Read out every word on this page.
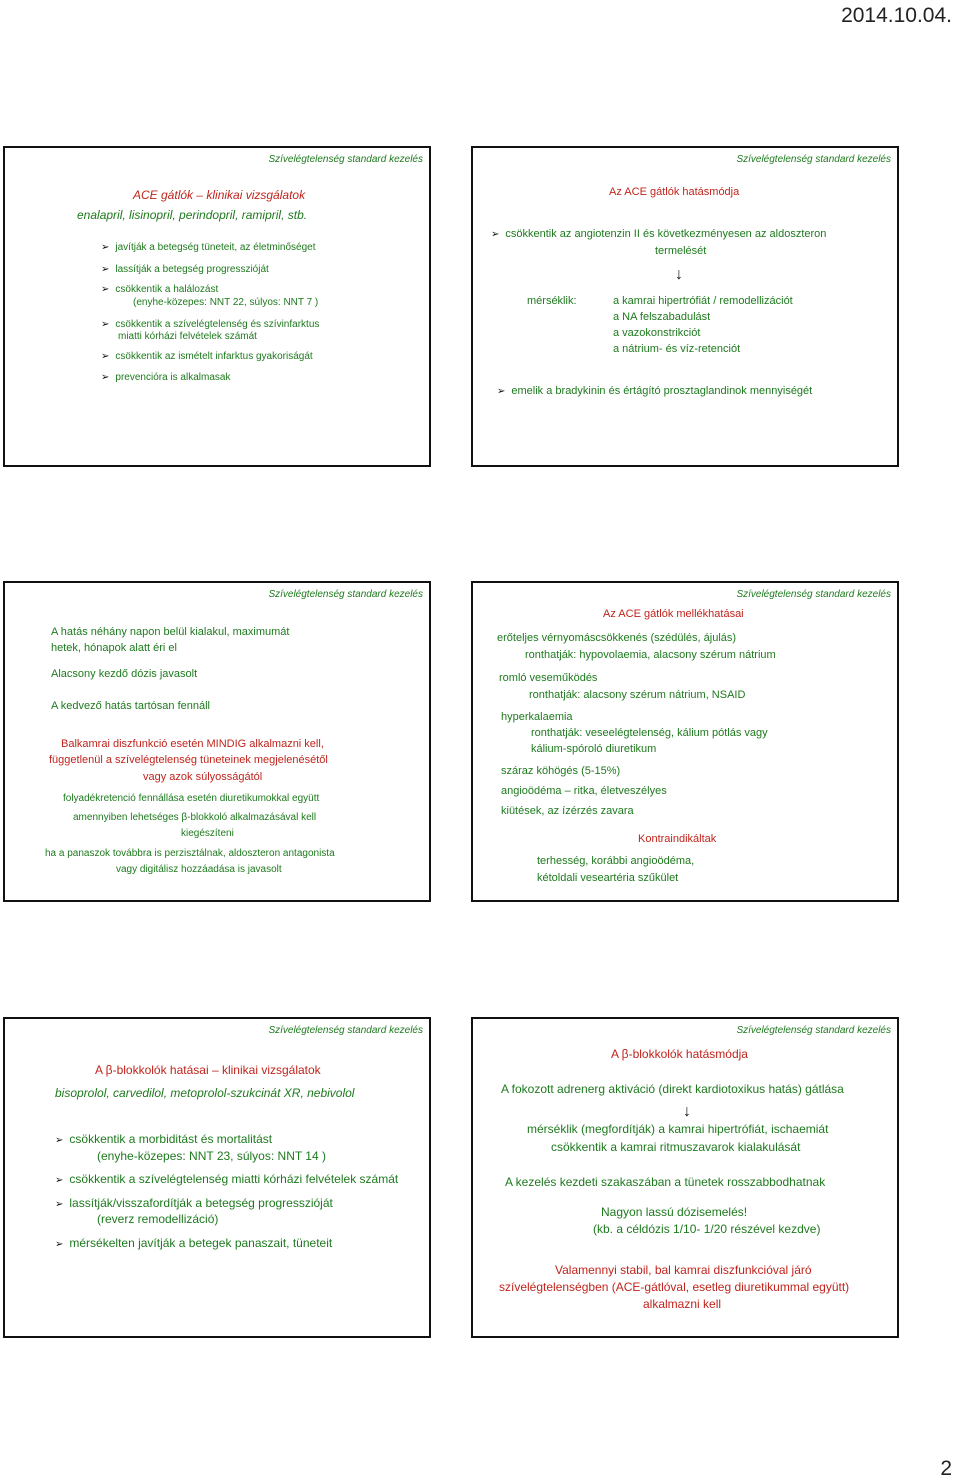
2014.10.04.
Szívelégtelenség standard kezelés
ACE gátlók – klinikai vizsgálatok
enalapril, lisinopril, perindopril, ramipril, stb.
➢ javítják a betegség tüneteit, az életminőséget
➢ lassítják a betegség progresszióját
➢ csökkentik a halálozást
(enyhe-közepes: NNT 22, súlyos: NNT 7 )
➢ csökkentik a szívelégtelenség és szívinfarktus
miatti kórházi felvételek számát
➢ csökkentik az ismételt infarktus gyakoriságát
➢ prevencióra is alkalmasak
Szívelégtelenség standard kezelés
Az ACE gátlók hatásmódja
➢ csökkentik az angiotenzin II és következményesen az aldoszteron
termelését
↓
mérséklik:	a kamrai hipertrófiát / remodellizációt
a NA felszabadulást
a vazokonstrikciót
a nátrium- és víz-retenciót
➢ emelik a bradykinin és értágító prosztaglandinok mennyiségét
Szívelégtelenség standard kezelés
A hatás néhány napon belül kialakul, maximumát
hetek, hónapok alatt éri el
Alacsony kezdő dózis javasolt
A kedvező hatás tartósan fennáll
Balkamrai diszfunkció esetén MINDIG alkalmazni kell,
függetlenül a szívelégtelenség tüneteinek megjelenésétől
vagy azok súlyosságától
folyadékretenció fennállása esetén diuretikumokkal együtt
amennyiben lehetséges β-blokkoló alkalmazásával kell
kiegészíteni
ha a panaszok továbbra is perzisztálnak, aldoszteron antagonista
vagy digitálisz hozzáadása is javasolt
Szívelégtelenség standard kezelés
Az ACE gátlók mellékhatásai
erőteljes vérnyomáscsökkenés (szédülés, ájulás)
ronthatják: hypovolaemia, alacsony szérum nátrium
romló veseműködés
ronthatják: alacsony szérum nátrium, NSAID
hyperkalaemia
ronthatják: veseelégtelenség, kálium pótlás vagy
kálium-spóroló diuretikum
száraz köhögés (5-15%)
angioödéma – ritka, életveszélyes
kiütések, az ízérzés zavara
Kontraindikáltak
terhesség, korábbi angioödéma,
kétoldali veseartéria szűkület
Szívelégtelenség standard kezelés
A β-blokkolók hatásai – klinikai vizsgálatok
bisoprolol, carvedilol, metoprolol-szukcinát XR, nebivolol
➢ csökkentik a morbiditást és mortalitást
(enyhe-közepes: NNT 23, súlyos: NNT 14 )
➢ csökkentik a szívelégtelenség miatti kórházi felvételek számát
➢ lassítják/visszafordítják a betegség progresszióját
(reverz remodellizáció)
➢ mérsékelten javítják a betegek panaszait, tüneteit
Szívelégtelenség standard kezelés
A β-blokkolók hatásmódja
A fokozott adrenerg aktiváció (direkt kardiotoxikus hatás) gátlása
↓
mérséklik (megfordítják) a kamrai hipertrófiát, ischaemiát
csökkentik a kamrai ritmuszavarok kialakulását
A kezelés kezdeti szakaszában a tünetek rosszabbodhatnak
Nagyon lassú dózisemelés!
(kb. a céldózis 1/10- 1/20 részével kezdve)
Valamennyi stabil, bal kamrai diszfunkcióval járó
szívelégtelenségben (ACE-gátlóval, esetleg diuretikummal együtt)
alkalmazni kell
2
